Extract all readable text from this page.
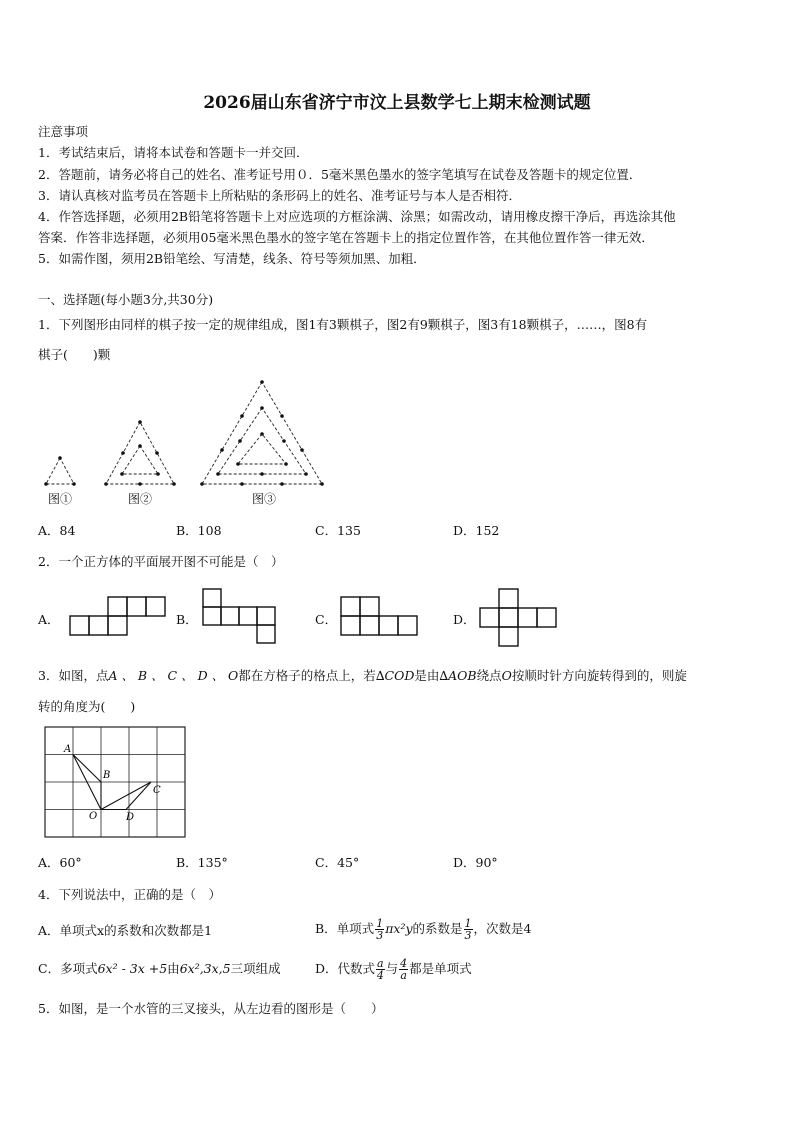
2026届山东省济宁市汶上县数学七上期末检测试题
注意事项
1．考试结束后，请将本试卷和答题卡一并交回．
2．答题前，请务必将自己的姓名、准考证号用０．5毫米黑色墨水的签字笔填写在试卷及答题卡的规定位置．
3．请认真核对监考员在答题卡上所粘贴的条形码上的姓名、准考证号与本人是否相符．
4．作答选择题，必须用2B铅笔将答题卡上对应选项的方框涂满、涂黑；如需改动，请用橡皮擦干净后，再选涂其他
答案．作答非选择题，必须用05毫米黑色墨水的签字笔在答题卡上的指定位置作答，在其他位置作答一律无效．
5．如需作图，须用2B铅笔绘、写清楚，线条、符号等须加黑、加粗．
一、选择题(每小题3分,共30分)
1．下列图形由同样的棋子按一定的规律组成，图1有3颗棋子，图2有9颗棋子，图3有18颗棋子，……，图8有
棋子(　　)颗
图①	图②	图③
A．84	B．108	C．135	D．152
2．一个正方体的平面展开图不可能是（　）
A．	B．	C．	D．
3．如图，点A 、 B 、 C 、 D 、 O都在方格子的格点上，若∆COD是由∆AOB绕点O按顺时针方向旋转得到的，则旋
转的角度为(　　)
A
B
C
O	D
A．60°	B．135°	C．45°	D．90°
4．下列说法中，正确的是（　）
A．单项式x的系数和次数都是1	B．单项式 $\frac{1}{3} \pi x^2y$的系数是 $\frac{1}{3}$ ，次数是4
C．多项式6x² - 3x +5由6x²,3x,5三项组成	D．代数式 $\frac{a}{4}$ 与 $\frac{4}{a}$ 都是单项式
5．如图，是一个水管的三叉接头，从左边看的图形是（　　）
